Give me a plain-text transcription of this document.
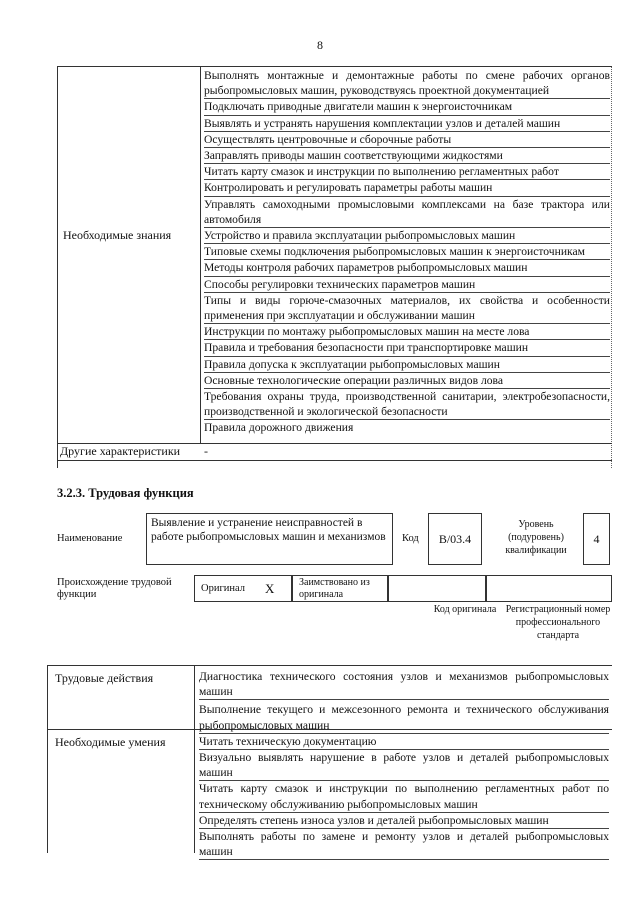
8
Необходимые знания
Выполнять монтажные и демонтажные работы по смене рабочих органов рыбопромысловых машин, руководствуясь проектной документацией
Подключать приводные двигатели машин к энергоисточникам
Выявлять и устранять нарушения комплектации узлов и деталей машин
Осуществлять центровочные и сборочные работы
Заправлять приводы машин соответствующими жидкостями
Читать карту смазок и инструкции по выполнению регламентных работ
Контролировать и регулировать параметры работы машин
Управлять самоходными промысловыми комплексами на базе трактора или автомобиля
Устройство и правила эксплуатации рыбопромысловых машин
Типовые схемы подключения рыбопромысловых машин к энергоисточникам
Методы контроля рабочих параметров рыбопромысловых машин
Способы регулировки технических параметров машин
Типы и виды горюче-смазочных материалов, их свойства и особенности применения при эксплуатации и обслуживании машин
Инструкции по монтажу рыбопромысловых машин на месте лова
Правила и требования безопасности при транспортировке машин
Правила допуска к эксплуатации рыбопромысловых машин
Основные технологические операции различных видов лова
Требования охраны труда, производственной санитарии, электробезопасности, производственной и экологической безопасности
Правила дорожного движения
Другие характеристики -
3.2.3. Трудовая функция
Наименование
Выявление и устранение неисправностей в работе рыбопромысловых машин и механизмов	Код	B/03.4
Уровень (подуровень) квалификации
4
Происхождение трудовой функции
Оригинал X Заимствовано из оригинала
Код оригинала Регистрационный номер профессионального стандарта
Трудовые действия
Необходимые умения
Диагностика технического состояния узлов и механизмов рыбопромысловых машин
Выполнение текущего и межсезонного ремонта и технического обслуживания рыбопромысловых машин
Читать техническую документацию
Визуально выявлять нарушение в работе узлов и деталей рыбопромысловых машин
Читать карту смазок и инструкции по выполнению регламентных работ по техническому обслуживанию рыбопромысловых машин
Определять степень износа узлов и деталей рыбопромысловых машин
Выполнять работы по замене и ремонту узлов и деталей рыбопромысловых машин
